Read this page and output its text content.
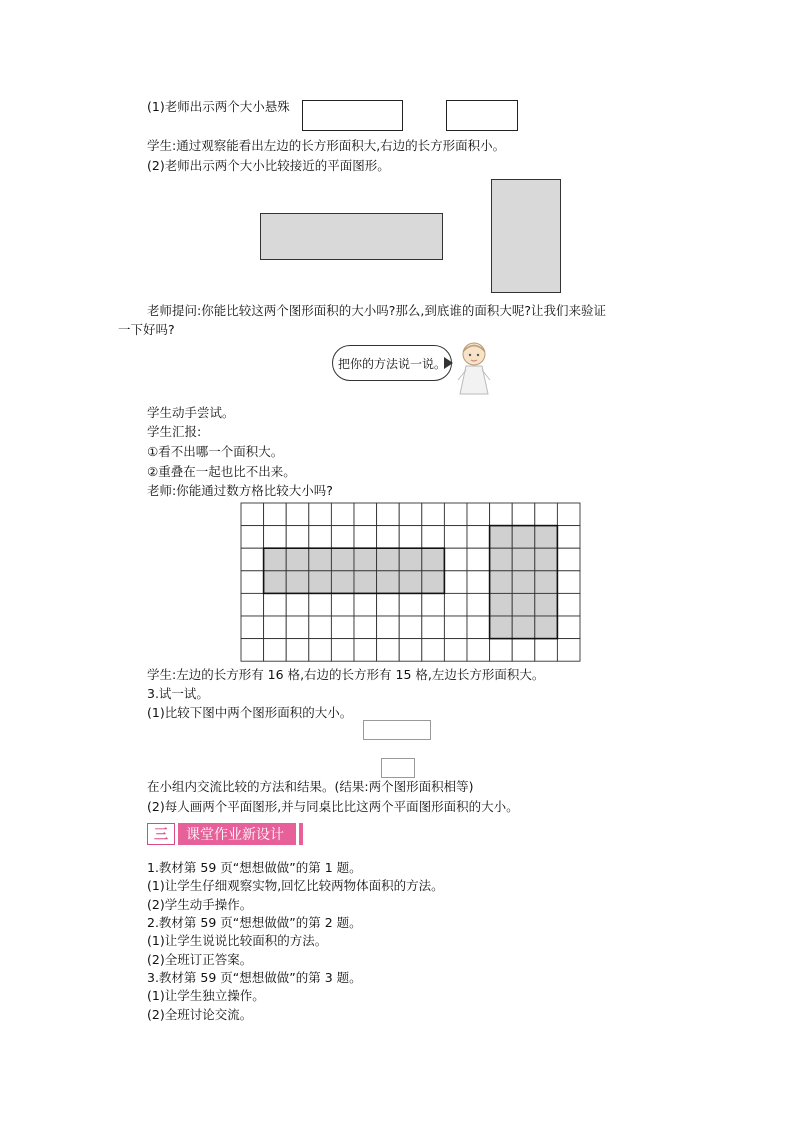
(1)老师出示两个大小悬殊
学生:通过观察能看出左边的长方形面积大,右边的长方形面积小。
(2)老师出示两个大小比较接近的平面图形。
老师提问:你能比较这两个图形面积的大小吗?那么,到底谁的面积大呢?让我们来验证
一下好吗?
把你的方法说一说。
学生动手尝试。
学生汇报:
①看不出哪一个面积大。
②重叠在一起也比不出来。
老师:你能通过数方格比较大小吗?
学生:左边的长方形有 16 格,右边的长方形有 15 格,左边长方形面积大。
3.试一试。
(1)比较下图中两个图形面积的大小。
在小组内交流比较的方法和结果。(结果:两个图形面积相等)
(2)每人画两个平面图形,并与同桌比比这两个平面图形面积的大小。
三	课堂作业新设计
1.教材第 59 页“想想做做”的第 1 题。
(1)让学生仔细观察实物,回忆比较两物体面积的方法。
(2)学生动手操作。
2.教材第 59 页“想想做做”的第 2 题。
(1)让学生说说比较面积的方法。
(2)全班订正答案。
3.教材第 59 页“想想做做”的第 3 题。
(1)让学生独立操作。
(2)全班讨论交流。
